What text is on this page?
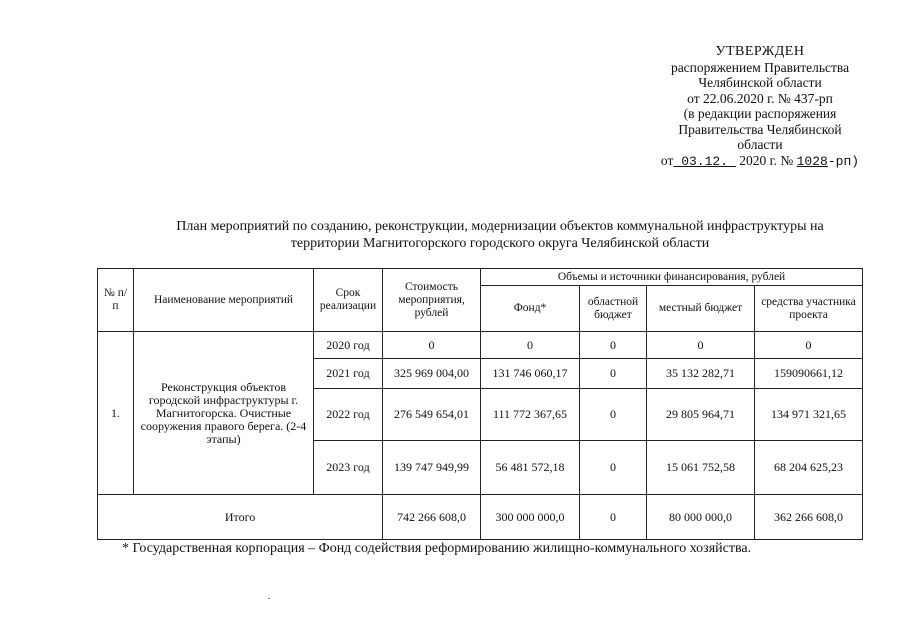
УТВЕРЖДЕН
распоряжением Правительства
Челябинской области
от 22.06.2020 г. № 437-рп
(в редакции распоряжения
Правительства Челябинской
области
от 03.12. 2020 г. № 1028-рп)
План мероприятий по созданию, реконструкции, модернизации объектов коммунальной инфраструктуры на
территории Магнитогорского городского округа Челябинской области
№ п/п	Наименование мероприятий	Срок реализации	Стоимость мероприятия, рублей	Объемы и источники финансирования, рублей			
				Фонд*	областной бюджет	местный бюджет	средства участника проекта
1.	Реконструкция объектов городской инфраструктуры г. Магнитогорска. Очистные сооружения правого берега. (2-4 этапы)	2020 год	0	0	0	0	0
		2021 год	325 969 004,00	131 746 060,17	0	35 132 282,71	159090661,12
		2022 год	276 549 654,01	111 772 367,65	0	29 805 964,71	134 971 321,65
		2023 год	139 747 949,99	56 481 572,18	0	15 061 752,58	68 204 625,23
Итого			742 266 608,0	300 000 000,0	0	80 000 000,0	362 266 608,0
* Государственная корпорация – Фонд содействия реформированию жилищно-коммунального хозяйства.
